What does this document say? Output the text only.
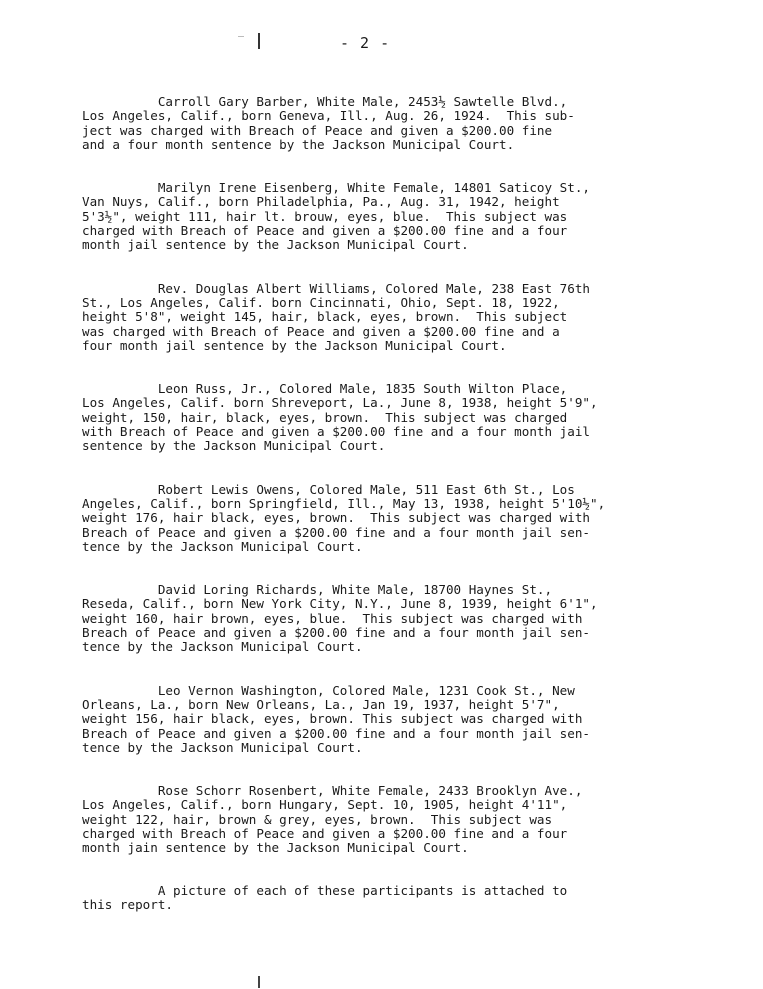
- 2 -

Carroll Gary Barber, White Male, 2453½ Sawtelle Blvd.,
Los Angeles, Calif., born Geneva, Ill., Aug. 26, 1924.  This sub-
ject was charged with Breach of Peace and given a $200.00 fine
and a four month sentence by the Jackson Municipal Court.

Marilyn Irene Eisenberg, White Female, 14801 Saticoy St.,
Van Nuys, Calif., born Philadelphia, Pa., Aug. 31, 1942, height
5'3½", weight 111, hair lt. brouw, eyes, blue.  This subject was
charged with Breach of Peace and given a $200.00 fine and a four
month jail sentence by the Jackson Municipal Court.

Rev. Douglas Albert Williams, Colored Male, 238 East 76th
St., Los Angeles, Calif. born Cincinnati, Ohio, Sept. 18, 1922,
height 5'8", weight 145, hair, black, eyes, brown.  This subject
was charged with Breach of Peace and given a $200.00 fine and a
four month jail sentence by the Jackson Municipal Court.

Leon Russ, Jr., Colored Male, 1835 South Wilton Place,
Los Angeles, Calif. born Shreveport, La., June 8, 1938, height 5'9",
weight, 150, hair, black, eyes, brown.  This subject was charged
with Breach of Peace and given a $200.00 fine and a four month jail
sentence by the Jackson Municipal Court.

Robert Lewis Owens, Colored Male, 511 East 6th St., Los
Angeles, Calif., born Springfield, Ill., May 13, 1938, height 5'10½",
weight 176, hair black, eyes, brown.  This subject was charged with
Breach of Peace and given a $200.00 fine and a four month jail sen-
tence by the Jackson Municipal Court.

David Loring Richards, White Male, 18700 Haynes St.,
Reseda, Calif., born New York City, N.Y., June 8, 1939, height 6'1",
weight 160, hair brown, eyes, blue.  This subject was charged with
Breach of Peace and given a $200.00 fine and a four month jail sen-
tence by the Jackson Municipal Court.

Leo Vernon Washington, Colored Male, 1231 Cook St., New
Orleans, La., born New Orleans, La., Jan 19, 1937, height 5'7",
weight 156, hair black, eyes, brown. This subject was charged with
Breach of Peace and given a $200.00 fine and a four month jail sen-
tence by the Jackson Municipal Court.

Rose Schorr Rosenbert, White Female, 2433 Brooklyn Ave.,
Los Angeles, Calif., born Hungary, Sept. 10, 1905, height 4'11",
weight 122, hair, brown & grey, eyes, brown.  This subject was
charged with Breach of Peace and given a $200.00 fine and a four
month jain sentence by the Jackson Municipal Court.

A picture of each of these participants is attached to
this report.
